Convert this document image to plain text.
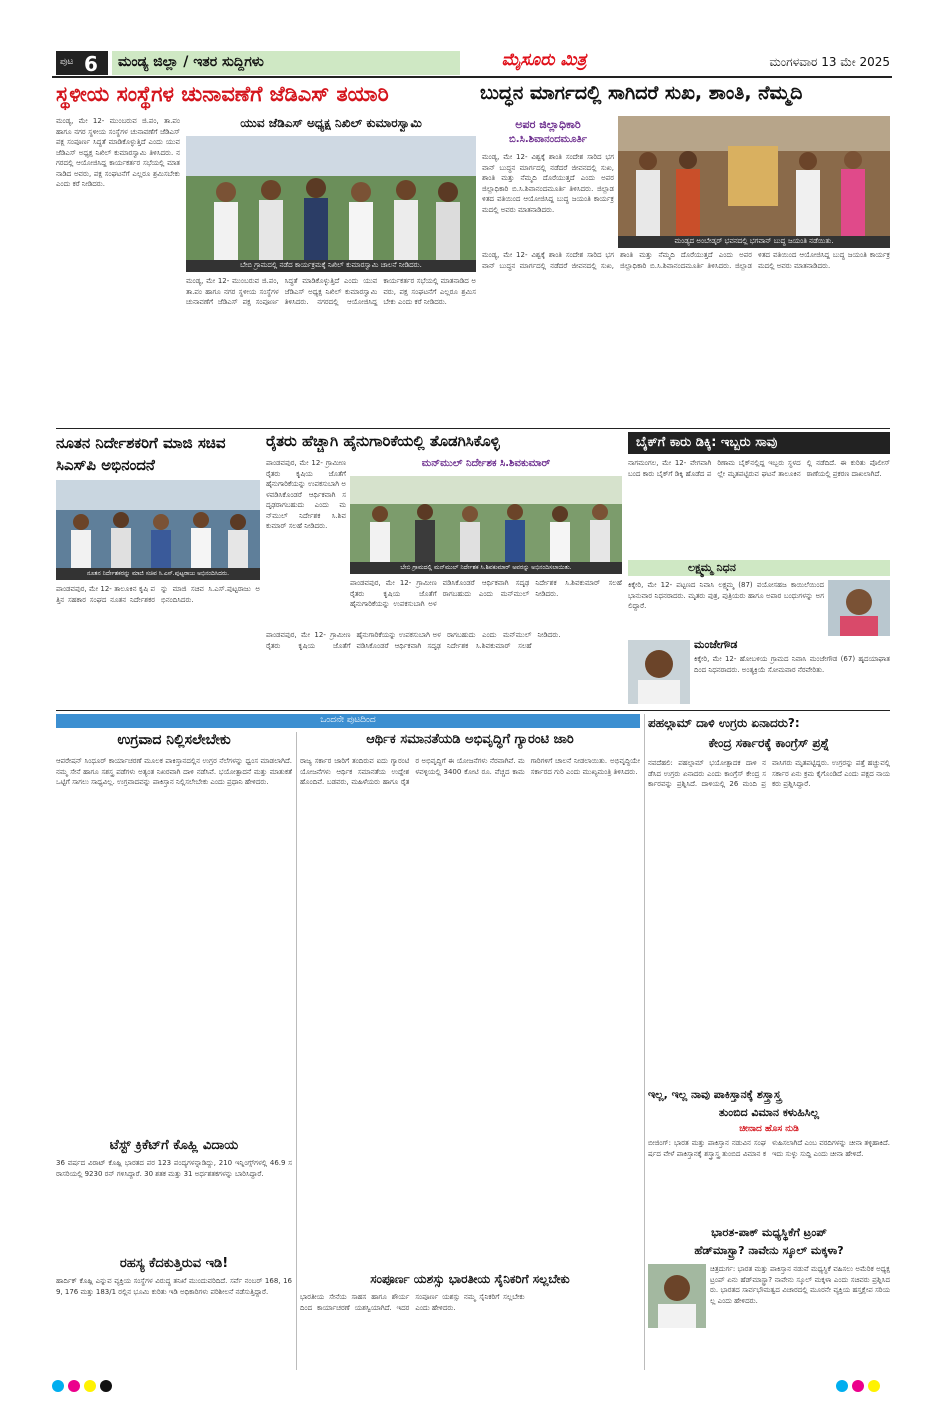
ಪುಟ 6 ಮಂಡ್ಯ ಜಿಲ್ಲಾ / ಇತರ ಸುದ್ದಿಗಳು	ಮೈಸೂರು ಮಿತ್ರ	ಮಂಗಳವಾರ 13 ಮೇ 2025
ಸ್ಥಳೀಯ ಸಂಸ್ಥೆಗಳ ಚುನಾವಣೆಗೆ ಜೆಡಿಎಸ್ ತಯಾರಿ
ಯುವ ಜೆಡಿಎಸ್ ಅಧ್ಯಕ್ಷ ನಿಖಿಲ್ ಕುಮಾರಸ್ವಾಮಿ
ಮಂಡ್ಯ, ಮೇ 12- ಮುಂಬರುವ ಜಿ.ಪಂ, ತಾ.ಪಂ ಹಾಗೂ ನಗರ ಸ್ಥಳೀಯ ಸಂಸ್ಥೆಗಳ ಚುನಾವಣೆಗೆ ಜೆಡಿಎಸ್ ಪಕ್ಷ ಸಂಪೂರ್ಣ ಸಿದ್ಧತೆ ಮಾಡಿಕೊಳ್ಳುತ್ತಿದೆ ಎಂದು ಯುವ ಜೆಡಿಎಸ್ ಅಧ್ಯಕ್ಷ ನಿಖಿಲ್ ಕುಮಾರಸ್ವಾಮಿ ತಿಳಿಸಿದರು. ನಗರದಲ್ಲಿ ಆಯೋಜಿಸಿದ್ದ ಕಾರ್ಯಕರ್ತರ ಸಭೆಯಲ್ಲಿ ಮಾತನಾಡಿದ ಅವರು, ಪಕ್ಷ ಸಂಘಟನೆಗೆ ಎಲ್ಲರೂ ಶ್ರಮಿಸಬೇಕು ಎಂದು ಕರೆ ನೀಡಿದರು.
ಬೇಬಿ ಗ್ರಾಮದಲ್ಲಿ ನಡೆದ ಕಾರ್ಯಕ್ರಮಕ್ಕೆ ನಿಖಿಲ್ ಕುಮಾರಸ್ವಾಮಿ ಚಾಲನೆ ನೀಡಿದರು.
ಮಂಡ್ಯ, ಮೇ 12- ಮುಂಬರುವ ಜಿ.ಪಂ, ತಾ.ಪಂ ಹಾಗೂ ನಗರ ಸ್ಥಳೀಯ ಸಂಸ್ಥೆಗಳ ಚುನಾವಣೆಗೆ ಜೆಡಿಎಸ್ ಪಕ್ಷ ಸಂಪೂರ್ಣ ಸಿದ್ಧತೆ ಮಾಡಿಕೊಳ್ಳುತ್ತಿದೆ ಎಂದು ಯುವ ಜೆಡಿಎಸ್ ಅಧ್ಯಕ್ಷ ನಿಖಿಲ್ ಕುಮಾರಸ್ವಾಮಿ ತಿಳಿಸಿದರು. ನಗರದಲ್ಲಿ ಆಯೋಜಿಸಿದ್ದ ಕಾರ್ಯಕರ್ತರ ಸಭೆಯಲ್ಲಿ ಮಾತನಾಡಿದ ಅವರು, ಪಕ್ಷ ಸಂಘಟನೆಗೆ ಎಲ್ಲರೂ ಶ್ರಮಿಸಬೇಕು ಎಂದು ಕರೆ ನೀಡಿದರು.
ಬುದ್ಧನ ಮಾರ್ಗದಲ್ಲಿ ಸಾಗಿದರೆ ಸುಖ, ಶಾಂತಿ, ನೆಮ್ಮದಿ
ಅಪರ ಜಿಲ್ಲಾಧಿಕಾರಿ
ಬಿ.ಸಿ.ಶಿವಾನಂದಮೂರ್ತಿ
ಮಂಡ್ಯ, ಮೇ 12- ವಿಶ್ವಕ್ಕೆ ಶಾಂತಿ ಸಂದೇಶ ಸಾರಿದ ಭಗವಾನ್ ಬುದ್ಧನ ಮಾರ್ಗದಲ್ಲಿ ನಡೆದರೆ ಜೀವನದಲ್ಲಿ ಸುಖ, ಶಾಂತಿ ಮತ್ತು ನೆಮ್ಮದಿ ದೊರೆಯುತ್ತದೆ ಎಂದು ಅಪರ ಜಿಲ್ಲಾಧಿಕಾರಿ ಬಿ.ಸಿ.ಶಿವಾನಂದಮೂರ್ತಿ ತಿಳಿಸಿದರು. ಜಿಲ್ಲಾಡಳಿತದ ವತಿಯಿಂದ ಆಯೋಜಿಸಿದ್ದ ಬುದ್ಧ ಜಯಂತಿ ಕಾರ್ಯಕ್ರಮದಲ್ಲಿ ಅವರು ಮಾತನಾಡಿದರು.
ಮಂಡ್ಯದ ಅಂಬೇಡ್ಕರ್ ಭವನದಲ್ಲಿ ಭಗವಾನ್ ಬುದ್ಧ ಜಯಂತಿ ನಡೆಯಿತು.
ಮಂಡ್ಯ, ಮೇ 12- ವಿಶ್ವಕ್ಕೆ ಶಾಂತಿ ಸಂದೇಶ ಸಾರಿದ ಭಗವಾನ್ ಬುದ್ಧನ ಮಾರ್ಗದಲ್ಲಿ ನಡೆದರೆ ಜೀವನದಲ್ಲಿ ಸುಖ, ಶಾಂತಿ ಮತ್ತು ನೆಮ್ಮದಿ ದೊರೆಯುತ್ತದೆ ಎಂದು ಅಪರ ಜಿಲ್ಲಾಧಿಕಾರಿ ಬಿ.ಸಿ.ಶಿವಾನಂದಮೂರ್ತಿ ತಿಳಿಸಿದರು. ಜಿಲ್ಲಾಡಳಿತದ ವತಿಯಿಂದ ಆಯೋಜಿಸಿದ್ದ ಬುದ್ಧ ಜಯಂತಿ ಕಾರ್ಯಕ್ರಮದಲ್ಲಿ ಅವರು ಮಾತನಾಡಿದರು.
ನೂತನ ನಿರ್ದೇಶಕರಿಗೆ ಮಾಜಿ ಸಚಿವ ಸಿಎಸ್‌ಪಿ ಅಭಿನಂದನೆ
ನೂತನ ನಿರ್ದೇಶಕರನ್ನು ಮಾಜಿ ಸಚಿವ ಸಿ.ಎಸ್.ಪುಟ್ಟರಾಜು ಅಭಿನಂದಿಸಿದರು.
ಪಾಂಡವಪುರ, ಮೇ 12- ತಾಲೂಕಿನ ಕೃಷಿ ಪತ್ತಿನ ಸಹಕಾರ ಸಂಘದ ನೂತನ ನಿರ್ದೇಶಕರನ್ನು ಮಾಜಿ ಸಚಿವ ಸಿ.ಎಸ್.ಪುಟ್ಟರಾಜು ಅಭಿನಂದಿಸಿದರು.
ರೈತರು ಹೆಚ್ಚಾಗಿ ಹೈನುಗಾರಿಕೆಯಲ್ಲಿ ತೊಡಗಿಸಿಕೊಳ್ಳಿ
ಪಾಂಡವಪುರ, ಮೇ 12- ಗ್ರಾಮೀಣ ರೈತರು ಕೃಷಿಯ ಜೊತೆಗೆ ಹೈನುಗಾರಿಕೆಯನ್ನು ಉಪಕಸುಬಾಗಿ ಅಳವಡಿಸಿಕೊಂಡರೆ ಆರ್ಥಿಕವಾಗಿ ಸದೃಢರಾಗಬಹುದು ಎಂದು ಮನ್‌ಮುಲ್ ನಿರ್ದೇಶಕ ಸಿ.ಶಿವಕುಮಾರ್ ಸಲಹೆ ನೀಡಿದರು.
ಮನ್‌ಮುಲ್ ನಿರ್ದೇಶಕ ಸಿ.ಶಿವಕುಮಾರ್
ಬೇಬಿ ಗ್ರಾಮದಲ್ಲಿ ಮನ್‌ಮುಲ್ ನಿರ್ದೇಶಕ ಸಿ.ಶಿವಕುಮಾರ್ ಅವರನ್ನು ಅಭಿನಂದಿಸಲಾಯಿತು.
ಪಾಂಡವಪುರ, ಮೇ 12- ಗ್ರಾಮೀಣ ರೈತರು ಕೃಷಿಯ ಜೊತೆಗೆ ಹೈನುಗಾರಿಕೆಯನ್ನು ಉಪಕಸುಬಾಗಿ ಅಳವಡಿಸಿಕೊಂಡರೆ ಆರ್ಥಿಕವಾಗಿ ಸದೃಢರಾಗಬಹುದು ಎಂದು ಮನ್‌ಮುಲ್ ನಿರ್ದೇಶಕ ಸಿ.ಶಿವಕುಮಾರ್ ಸಲಹೆ ನೀಡಿದರು.
ಪಾಂಡವಪುರ, ಮೇ 12- ಗ್ರಾಮೀಣ ರೈತರು ಕೃಷಿಯ ಜೊತೆಗೆ ಹೈನುಗಾರಿಕೆಯನ್ನು ಉಪಕಸುಬಾಗಿ ಅಳವಡಿಸಿಕೊಂಡರೆ ಆರ್ಥಿಕವಾಗಿ ಸದೃಢರಾಗಬಹುದು ಎಂದು ಮನ್‌ಮುಲ್ ನಿರ್ದೇಶಕ ಸಿ.ಶಿವಕುಮಾರ್ ಸಲಹೆ ನೀಡಿದರು.
ಬೈಕ್‌ಗೆ ಕಾರು ಡಿಕ್ಕಿ: ಇಬ್ಬರು ಸಾವು
ನಾಗಮಂಗಲ, ಮೇ 12- ವೇಗವಾಗಿ ಬಂದ ಕಾರು ಬೈಕ್‌ಗೆ ಡಿಕ್ಕಿ ಹೊಡೆದ ಪರಿಣಾಮ ಬೈಕ್‌ನಲ್ಲಿದ್ದ ಇಬ್ಬರು ಸ್ಥಳದಲ್ಲೇ ಮೃತಪಟ್ಟಿರುವ ಘಟನೆ ತಾಲೂಕಿನಲ್ಲಿ ನಡೆದಿದೆ. ಈ ಕುರಿತು ಪೊಲೀಸ್ ಠಾಣೆಯಲ್ಲಿ ಪ್ರಕರಣ ದಾಖಲಾಗಿದೆ.
ಲಕ್ಷ್ಮಮ್ಮ ನಿಧನ
ಕಿಕ್ಕೇರಿ, ಮೇ 12- ಪಟ್ಟಣದ ನಿವಾಸಿ ಲಕ್ಷ್ಮಮ್ಮ (87) ವಯೋಸಹಜ ಕಾಯಿಲೆಯಿಂದ ಭಾನುವಾರ ನಿಧನರಾದರು. ಮೃತರು ಪುತ್ರ, ಪುತ್ರಿಯರು ಹಾಗೂ ಅಪಾರ ಬಂಧುಗಳನ್ನು ಅಗಲಿದ್ದಾರೆ.
ಮಂಜೇಗೌಡ
ಕಿಕ್ಕೇರಿ, ಮೇ 12- ಹೋಬಳಿಯ ಗ್ರಾಮದ ನಿವಾಸಿ ಮಂಜೇಗೌಡ (67) ಹೃದಯಾಘಾತದಿಂದ ನಿಧನರಾದರು. ಅಂತ್ಯಕ್ರಿಯೆ ಸೋಮವಾರ ನೆರವೇರಿತು.
ಒಂದನೇ ಪುಟದಿಂದ
ಉಗ್ರವಾದ ನಿಲ್ಲಿಸಲೇಬೇಕು
ಆಪರೇಷನ್ ಸಿಂಧೂರ್ ಕಾರ್ಯಾಚರಣೆ ಮೂಲಕ ಪಾಕಿಸ್ತಾನದಲ್ಲಿನ ಉಗ್ರರ ನೆಲೆಗಳನ್ನು ಧ್ವಂಸ ಮಾಡಲಾಗಿದೆ. ನಮ್ಮ ಸೇನೆ ಹಾಗೂ ಸಶಸ್ತ್ರ ಪಡೆಗಳು ಅತ್ಯಂತ ನಿಖರವಾಗಿ ದಾಳಿ ನಡೆಸಿವೆ. ಭಯೋತ್ಪಾದನೆ ಮತ್ತು ಮಾತುಕತೆ ಒಟ್ಟಿಗೆ ಸಾಗಲು ಸಾಧ್ಯವಿಲ್ಲ. ಉಗ್ರವಾದವನ್ನು ಪಾಕಿಸ್ತಾನ ನಿಲ್ಲಿಸಲೇಬೇಕು ಎಂದು ಪ್ರಧಾನಿ ಹೇಳಿದರು.
ಟೆಸ್ಟ್ ಕ್ರಿಕೆಟ್‌ಗೆ ಕೊಹ್ಲಿ ವಿದಾಯ
36 ವರ್ಷದ ವಿರಾಟ್ ಕೊಹ್ಲಿ ಭಾರತದ ಪರ 123 ಪಂದ್ಯಗಳನ್ನಾಡಿದ್ದು, 210 ಇನ್ನಿಂಗ್ಸ್‌ಗಳಲ್ಲಿ 46.9 ಸರಾಸರಿಯಲ್ಲಿ 9230 ರನ್ ಗಳಿಸಿದ್ದಾರೆ. 30 ಶತಕ ಮತ್ತು 31 ಅರ್ಧಶತಕಗಳನ್ನು ಬಾರಿಸಿದ್ದಾರೆ.
ರಹಸ್ಯ ಕೆದಕುತ್ತಿರುವ ಇಡಿ!
ಹಾರ್ದಿಕ್ ಕೊಹ್ಲಿ ಎನ್ನುವ ವ್ಯಕ್ತಿಯ ಸಂಸ್ಥೆಗಳ ವಿರುದ್ಧ ತನಿಖೆ ಮುಂದುವರಿದಿದೆ. ಸರ್ವೆ ನಂಬರ್ 168, 169, 176 ಮತ್ತು 183/1 ರಲ್ಲಿನ ಭೂಮಿ ಕುರಿತು ಇಡಿ ಅಧಿಕಾರಿಗಳು ಪರಿಶೀಲನೆ ನಡೆಸುತ್ತಿದ್ದಾರೆ.
ಆರ್ಥಿಕ ಸಮಾನತೆಯಡಿ ಅಭಿವೃದ್ಧಿಗೆ ಗ್ಯಾರಂಟಿ ಜಾರಿ
ರಾಜ್ಯ ಸರ್ಕಾರ ಜಾರಿಗೆ ತಂದಿರುವ ಐದು ಗ್ಯಾರಂಟಿ ಯೋಜನೆಗಳು ಆರ್ಥಿಕ ಸಮಾನತೆಯ ಉದ್ದೇಶ ಹೊಂದಿವೆ. ಬಡವರು, ಮಹಿಳೆಯರು ಹಾಗೂ ರೈತರ ಅಭಿವೃದ್ಧಿಗೆ ಈ ಯೋಜನೆಗಳು ನೆರವಾಗಿವೆ. ಮಳವಳ್ಳಿಯಲ್ಲಿ 3400 ಕೋಟಿ ರೂ. ವೆಚ್ಚದ ಕಾಮಗಾರಿಗಳಿಗೆ ಚಾಲನೆ ನೀಡಲಾಯಿತು. ಅಭಿವೃದ್ಧಿಯೇ ಸರ್ಕಾರದ ಗುರಿ ಎಂದು ಮುಖ್ಯಮಂತ್ರಿ ತಿಳಿಸಿದರು.
ಸಂಪೂರ್ಣ ಯಶಸ್ಸು ಭಾರತೀಯ ಸೈನಿಕರಿಗೆ ಸಲ್ಲಬೇಕು
ಭಾರತೀಯ ಸೇನೆಯ ಸಾಹಸ ಹಾಗೂ ಶೌರ್ಯದಿಂದ ಕಾರ್ಯಾಚರಣೆ ಯಶಸ್ವಿಯಾಗಿದೆ. ಇದರ ಸಂಪೂರ್ಣ ಯಶಸ್ಸು ನಮ್ಮ ಸೈನಿಕರಿಗೆ ಸಲ್ಲಬೇಕು ಎಂದು ಹೇಳಿದರು.
ಪಹಲ್ಗಾಮ್ ದಾಳಿ ಉಗ್ರರು ಏನಾದರು?:
ಕೇಂದ್ರ ಸರ್ಕಾರಕ್ಕೆ ಕಾಂಗ್ರೆಸ್ ಪ್ರಶ್ನೆ
ನವದೆಹಲಿ: ಪಹಲ್ಗಾಮ್ ಭಯೋತ್ಪಾದಕ ದಾಳಿ ನಡೆಸಿದ ಉಗ್ರರು ಏನಾದರು ಎಂದು ಕಾಂಗ್ರೆಸ್ ಕೇಂದ್ರ ಸರ್ಕಾರವನ್ನು ಪ್ರಶ್ನಿಸಿದೆ. ದಾಳಿಯಲ್ಲಿ 26 ಮಂದಿ ಪ್ರವಾಸಿಗರು ಮೃತಪಟ್ಟಿದ್ದರು. ಉಗ್ರರನ್ನು ಪತ್ತೆ ಹಚ್ಚುವಲ್ಲಿ ಸರ್ಕಾರ ಏನು ಕ್ರಮ ಕೈಗೊಂಡಿದೆ ಎಂದು ಪಕ್ಷದ ನಾಯಕರು ಪ್ರಶ್ನಿಸಿದ್ದಾರೆ.
ಇಲ್ಲ, ಇಲ್ಲ ನಾವು ಪಾಕಿಸ್ತಾನಕ್ಕೆ ಶಸ್ತ್ರಾಸ್ತ್ರ
ತುಂಬಿದ ವಿಮಾನ ಕಳುಹಿಸಿಲ್ಲ
ಚೀನಾದ ಹೊಸ ನುಡಿ
ಬೀಜಿಂಗ್: ಭಾರತ ಮತ್ತು ಪಾಕಿಸ್ತಾನ ನಡುವಿನ ಸಂಘರ್ಷದ ವೇಳೆ ಪಾಕಿಸ್ತಾನಕ್ಕೆ ಶಸ್ತ್ರಾಸ್ತ್ರ ತುಂಬಿದ ವಿಮಾನ ಕಳುಹಿಸಲಾಗಿದೆ ಎಂಬ ವರದಿಗಳನ್ನು ಚೀನಾ ತಳ್ಳಿಹಾಕಿದೆ. ಇದು ಸುಳ್ಳು ಸುದ್ದಿ ಎಂದು ಚೀನಾ ಹೇಳಿದೆ.
ಭಾರತ-ಪಾಕ್ ಮಧ್ಯಸ್ಥಿಕೆಗೆ ಟ್ರಂಪ್
ಹೆಡ್‌ಮಾಸ್ಟ್ರಾ? ನಾವೇನು ಸ್ಕೂಲ್ ಮಕ್ಕಳಾ?
ಚಿತ್ರದುರ್ಗ: ಭಾರತ ಮತ್ತು ಪಾಕಿಸ್ತಾನ ನಡುವೆ ಮಧ್ಯಸ್ಥಿಕೆ ವಹಿಸಲು ಅಮೆರಿಕ ಅಧ್ಯಕ್ಷ ಟ್ರಂಪ್ ಏನು ಹೆಡ್‌ಮಾಸ್ಟ್ರಾ? ನಾವೇನು ಸ್ಕೂಲ್ ಮಕ್ಕಳಾ ಎಂದು ಸಚಿವರು ಪ್ರಶ್ನಿಸಿದರು. ಭಾರತದ ಸಾರ್ವಭೌಮತ್ವದ ವಿಚಾರದಲ್ಲಿ ಮೂರನೇ ವ್ಯಕ್ತಿಯ ಹಸ್ತಕ್ಷೇಪ ಸರಿಯಲ್ಲ ಎಂದು ಹೇಳಿದರು.
